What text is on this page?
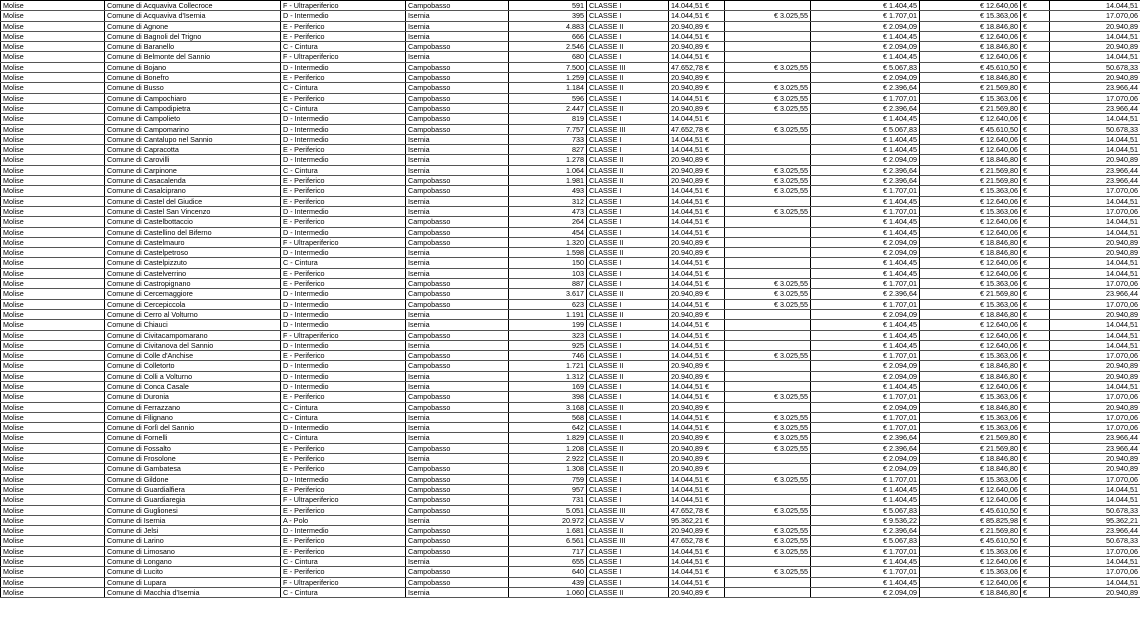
Molise	Comune di Acquaviva Collecroce	F - Ultraperiferico	Campobasso	591	CLASSE I	14.044,51 €		€ 1.404,45	€ 12.640,06	€	14.044,51
Molise	Comune di Acquaviva d'Isernia	D - Intermedio	Isernia	395	CLASSE I	14.044,51 €	€ 3.025,55	€ 1.707,01	€ 15.363,06	€	17.070,06
Molise	Comune di Agnone	E - Periferico	Isernia	4.883	CLASSE II	20.940,89 €		€ 2.094,09	€ 18.846,80	€	20.940,89
Molise	Comune di Bagnoli del Trigno	E - Periferico	Isernia	666	CLASSE I	14.044,51 €		€ 1.404,45	€ 12.640,06	€	14.044,51
Molise	Comune di Baranello	C - Cintura	Campobasso	2.546	CLASSE II	20.940,89 €		€ 2.094,09	€ 18.846,80	€	20.940,89
Molise	Comune di Belmonte del Sannio	F - Ultraperiferico	Isernia	680	CLASSE I	14.044,51 €		€ 1.404,45	€ 12.640,06	€	14.044,51
Molise	Comune di Bojano	D - Intermedio	Campobasso	7.500	CLASSE III	47.652,78 €	€ 3.025,55	€ 5.067,83	€ 45.610,50	€	50.678,33
Molise	Comune di Bonefro	E - Periferico	Campobasso	1.259	CLASSE II	20.940,89 €		€ 2.094,09	€ 18.846,80	€	20.940,89
Molise	Comune di Busso	C - Cintura	Campobasso	1.184	CLASSE II	20.940,89 €	€ 3.025,55	€ 2.396,64	€ 21.569,80	€	23.966,44
Molise	Comune di Campochiaro	E - Periferico	Campobasso	596	CLASSE I	14.044,51 €	€ 3.025,55	€ 1.707,01	€ 15.363,06	€	17.070,06
Molise	Comune di Campodipietra	C - Cintura	Campobasso	2.447	CLASSE II	20.940,89 €	€ 3.025,55	€ 2.396,64	€ 21.569,80	€	23.966,44
Molise	Comune di Campolieto	D - Intermedio	Campobasso	819	CLASSE I	14.044,51 €		€ 1.404,45	€ 12.640,06	€	14.044,51
Molise	Comune di Campomarino	D - Intermedio	Campobasso	7.757	CLASSE III	47.652,78 €	€ 3.025,55	€ 5.067,83	€ 45.610,50	€	50.678,33
Molise	Comune di Cantalupo nel Sannio	D - Intermedio	Isernia	733	CLASSE I	14.044,51 €		€ 1.404,45	€ 12.640,06	€	14.044,51
Molise	Comune di Capracotta	E - Periferico	Isernia	827	CLASSE I	14.044,51 €		€ 1.404,45	€ 12.640,06	€	14.044,51
Molise	Comune di Carovilli	D - Intermedio	Isernia	1.278	CLASSE II	20.940,89 €		€ 2.094,09	€ 18.846,80	€	20.940,89
Molise	Comune di Carpinone	C - Cintura	Isernia	1.064	CLASSE II	20.940,89 €	€ 3.025,55	€ 2.396,64	€ 21.569,80	€	23.966,44
Molise	Comune di Casacalenda	E - Periferico	Campobasso	1.981	CLASSE II	20.940,89 €	€ 3.025,55	€ 2.396,64	€ 21.569,80	€	23.966,44
Molise	Comune di Casalciprano	E - Periferico	Campobasso	493	CLASSE I	14.044,51 €	€ 3.025,55	€ 1.707,01	€ 15.363,06	€	17.070,06
Molise	Comune di Castel del Giudice	E - Periferico	Isernia	312	CLASSE I	14.044,51 €		€ 1.404,45	€ 12.640,06	€	14.044,51
Molise	Comune di Castel San Vincenzo	D - Intermedio	Isernia	473	CLASSE I	14.044,51 €	€ 3.025,55	€ 1.707,01	€ 15.363,06	€	17.070,06
Molise	Comune di Castelbottaccio	E - Periferico	Campobasso	264	CLASSE I	14.044,51 €		€ 1.404,45	€ 12.640,06	€	14.044,51
Molise	Comune di Castellino del Biferno	D - Intermedio	Campobasso	454	CLASSE I	14.044,51 €		€ 1.404,45	€ 12.640,06	€	14.044,51
Molise	Comune di Castelmauro	F - Ultraperiferico	Campobasso	1.320	CLASSE II	20.940,89 €		€ 2.094,09	€ 18.846,80	€	20.940,89
Molise	Comune di Castelpetroso	D - Intermedio	Isernia	1.598	CLASSE II	20.940,89 €		€ 2.094,09	€ 18.846,80	€	20.940,89
Molise	Comune di Castelpizzuto	C - Cintura	Isernia	150	CLASSE I	14.044,51 €		€ 1.404,45	€ 12.640,06	€	14.044,51
Molise	Comune di Castelverrino	E - Periferico	Isernia	103	CLASSE I	14.044,51 €		€ 1.404,45	€ 12.640,06	€	14.044,51
Molise	Comune di Castropignano	E - Periferico	Campobasso	887	CLASSE I	14.044,51 €	€ 3.025,55	€ 1.707,01	€ 15.363,06	€	17.070,06
Molise	Comune di Cercemaggiore	D - Intermedio	Campobasso	3.617	CLASSE II	20.940,89 €	€ 3.025,55	€ 2.396,64	€ 21.569,80	€	23.966,44
Molise	Comune di Cercepiccola	D - Intermedio	Campobasso	623	CLASSE I	14.044,51 €	€ 3.025,55	€ 1.707,01	€ 15.363,06	€	17.070,06
Molise	Comune di Cerro al Volturno	D - Intermedio	Isernia	1.191	CLASSE II	20.940,89 €		€ 2.094,09	€ 18.846,80	€	20.940,89
Molise	Comune di Chiauci	D - Intermedio	Isernia	199	CLASSE I	14.044,51 €		€ 1.404,45	€ 12.640,06	€	14.044,51
Molise	Comune di Civitacampomarano	F - Ultraperiferico	Campobasso	323	CLASSE I	14.044,51 €		€ 1.404,45	€ 12.640,06	€	14.044,51
Molise	Comune di Civitanova del Sannio	D - Intermedio	Isernia	925	CLASSE I	14.044,51 €		€ 1.404,45	€ 12.640,06	€	14.044,51
Molise	Comune di Colle d'Anchise	E - Periferico	Campobasso	746	CLASSE I	14.044,51 €	€ 3.025,55	€ 1.707,01	€ 15.363,06	€	17.070,06
Molise	Comune di Colletorto	D - Intermedio	Campobasso	1.721	CLASSE II	20.940,89 €		€ 2.094,09	€ 18.846,80	€	20.940,89
Molise	Comune di Colli a Volturno	D - Intermedio	Isernia	1.312	CLASSE II	20.940,89 €		€ 2.094,09	€ 18.846,80	€	20.940,89
Molise	Comune di Conca Casale	D - Intermedio	Isernia	169	CLASSE I	14.044,51 €		€ 1.404,45	€ 12.640,06	€	14.044,51
Molise	Comune di Duronia	E - Periferico	Campobasso	398	CLASSE I	14.044,51 €	€ 3.025,55	€ 1.707,01	€ 15.363,06	€	17.070,06
Molise	Comune di Ferrazzano	C - Cintura	Campobasso	3.168	CLASSE II	20.940,89 €		€ 2.094,09	€ 18.846,80	€	20.940,89
Molise	Comune di Filignano	C - Cintura	Isernia	568	CLASSE I	14.044,51 €	€ 3.025,55	€ 1.707,01	€ 15.363,06	€	17.070,06
Molise	Comune di Forlì del Sannio	D - Intermedio	Isernia	642	CLASSE I	14.044,51 €	€ 3.025,55	€ 1.707,01	€ 15.363,06	€	17.070,06
Molise	Comune di Fornelli	C - Cintura	Isernia	1.829	CLASSE II	20.940,89 €	€ 3.025,55	€ 2.396,64	€ 21.569,80	€	23.966,44
Molise	Comune di Fossalto	E - Periferico	Campobasso	1.208	CLASSE II	20.940,89 €	€ 3.025,55	€ 2.396,64	€ 21.569,80	€	23.966,44
Molise	Comune di Frosolone	E - Periferico	Isernia	2.922	CLASSE II	20.940,89 €		€ 2.094,09	€ 18.846,80	€	20.940,89
Molise	Comune di Gambatesa	E - Periferico	Campobasso	1.308	CLASSE II	20.940,89 €		€ 2.094,09	€ 18.846,80	€	20.940,89
Molise	Comune di Gildone	D - Intermedio	Campobasso	759	CLASSE I	14.044,51 €	€ 3.025,55	€ 1.707,01	€ 15.363,06	€	17.070,06
Molise	Comune di Guardialfiera	E - Periferico	Campobasso	957	CLASSE I	14.044,51 €		€ 1.404,45	€ 12.640,06	€	14.044,51
Molise	Comune di Guardiaregia	F - Ultraperiferico	Campobasso	731	CLASSE I	14.044,51 €		€ 1.404,45	€ 12.640,06	€	14.044,51
Molise	Comune di Guglionesi	E - Periferico	Campobasso	5.051	CLASSE III	47.652,78 €	€ 3.025,55	€ 5.067,83	€ 45.610,50	€	50.678,33
Molise	Comune di Isernia	A - Polo	Isernia	20.972	CLASSE V	95.362,21 €		€ 9.536,22	€ 85.825,98	€	95.362,21
Molise	Comune di Jelsi	D - Intermedio	Campobasso	1.681	CLASSE II	20.940,89 €	€ 3.025,55	€ 2.396,64	€ 21.569,80	€	23.966,44
Molise	Comune di Larino	E - Periferico	Campobasso	6.561	CLASSE III	47.652,78 €	€ 3.025,55	€ 5.067,83	€ 45.610,50	€	50.678,33
Molise	Comune di Limosano	E - Periferico	Campobasso	717	CLASSE I	14.044,51 €	€ 3.025,55	€ 1.707,01	€ 15.363,06	€	17.070,06
Molise	Comune di Longano	C - Cintura	Isernia	655	CLASSE I	14.044,51 €		€ 1.404,45	€ 12.640,06	€	14.044,51
Molise	Comune di Lucito	E - Periferico	Campobasso	640	CLASSE I	14.044,51 €	€ 3.025,55	€ 1.707,01	€ 15.363,06	€	17.070,06
Molise	Comune di Lupara	F - Ultraperiferico	Campobasso	439	CLASSE I	14.044,51 €		€ 1.404,45	€ 12.640,06	€	14.044,51
Molise	Comune di Macchia d'Isernia	C - Cintura	Isernia	1.060	CLASSE II	20.940,89 €		€ 2.094,09	€ 18.846,80	€	20.940,89
